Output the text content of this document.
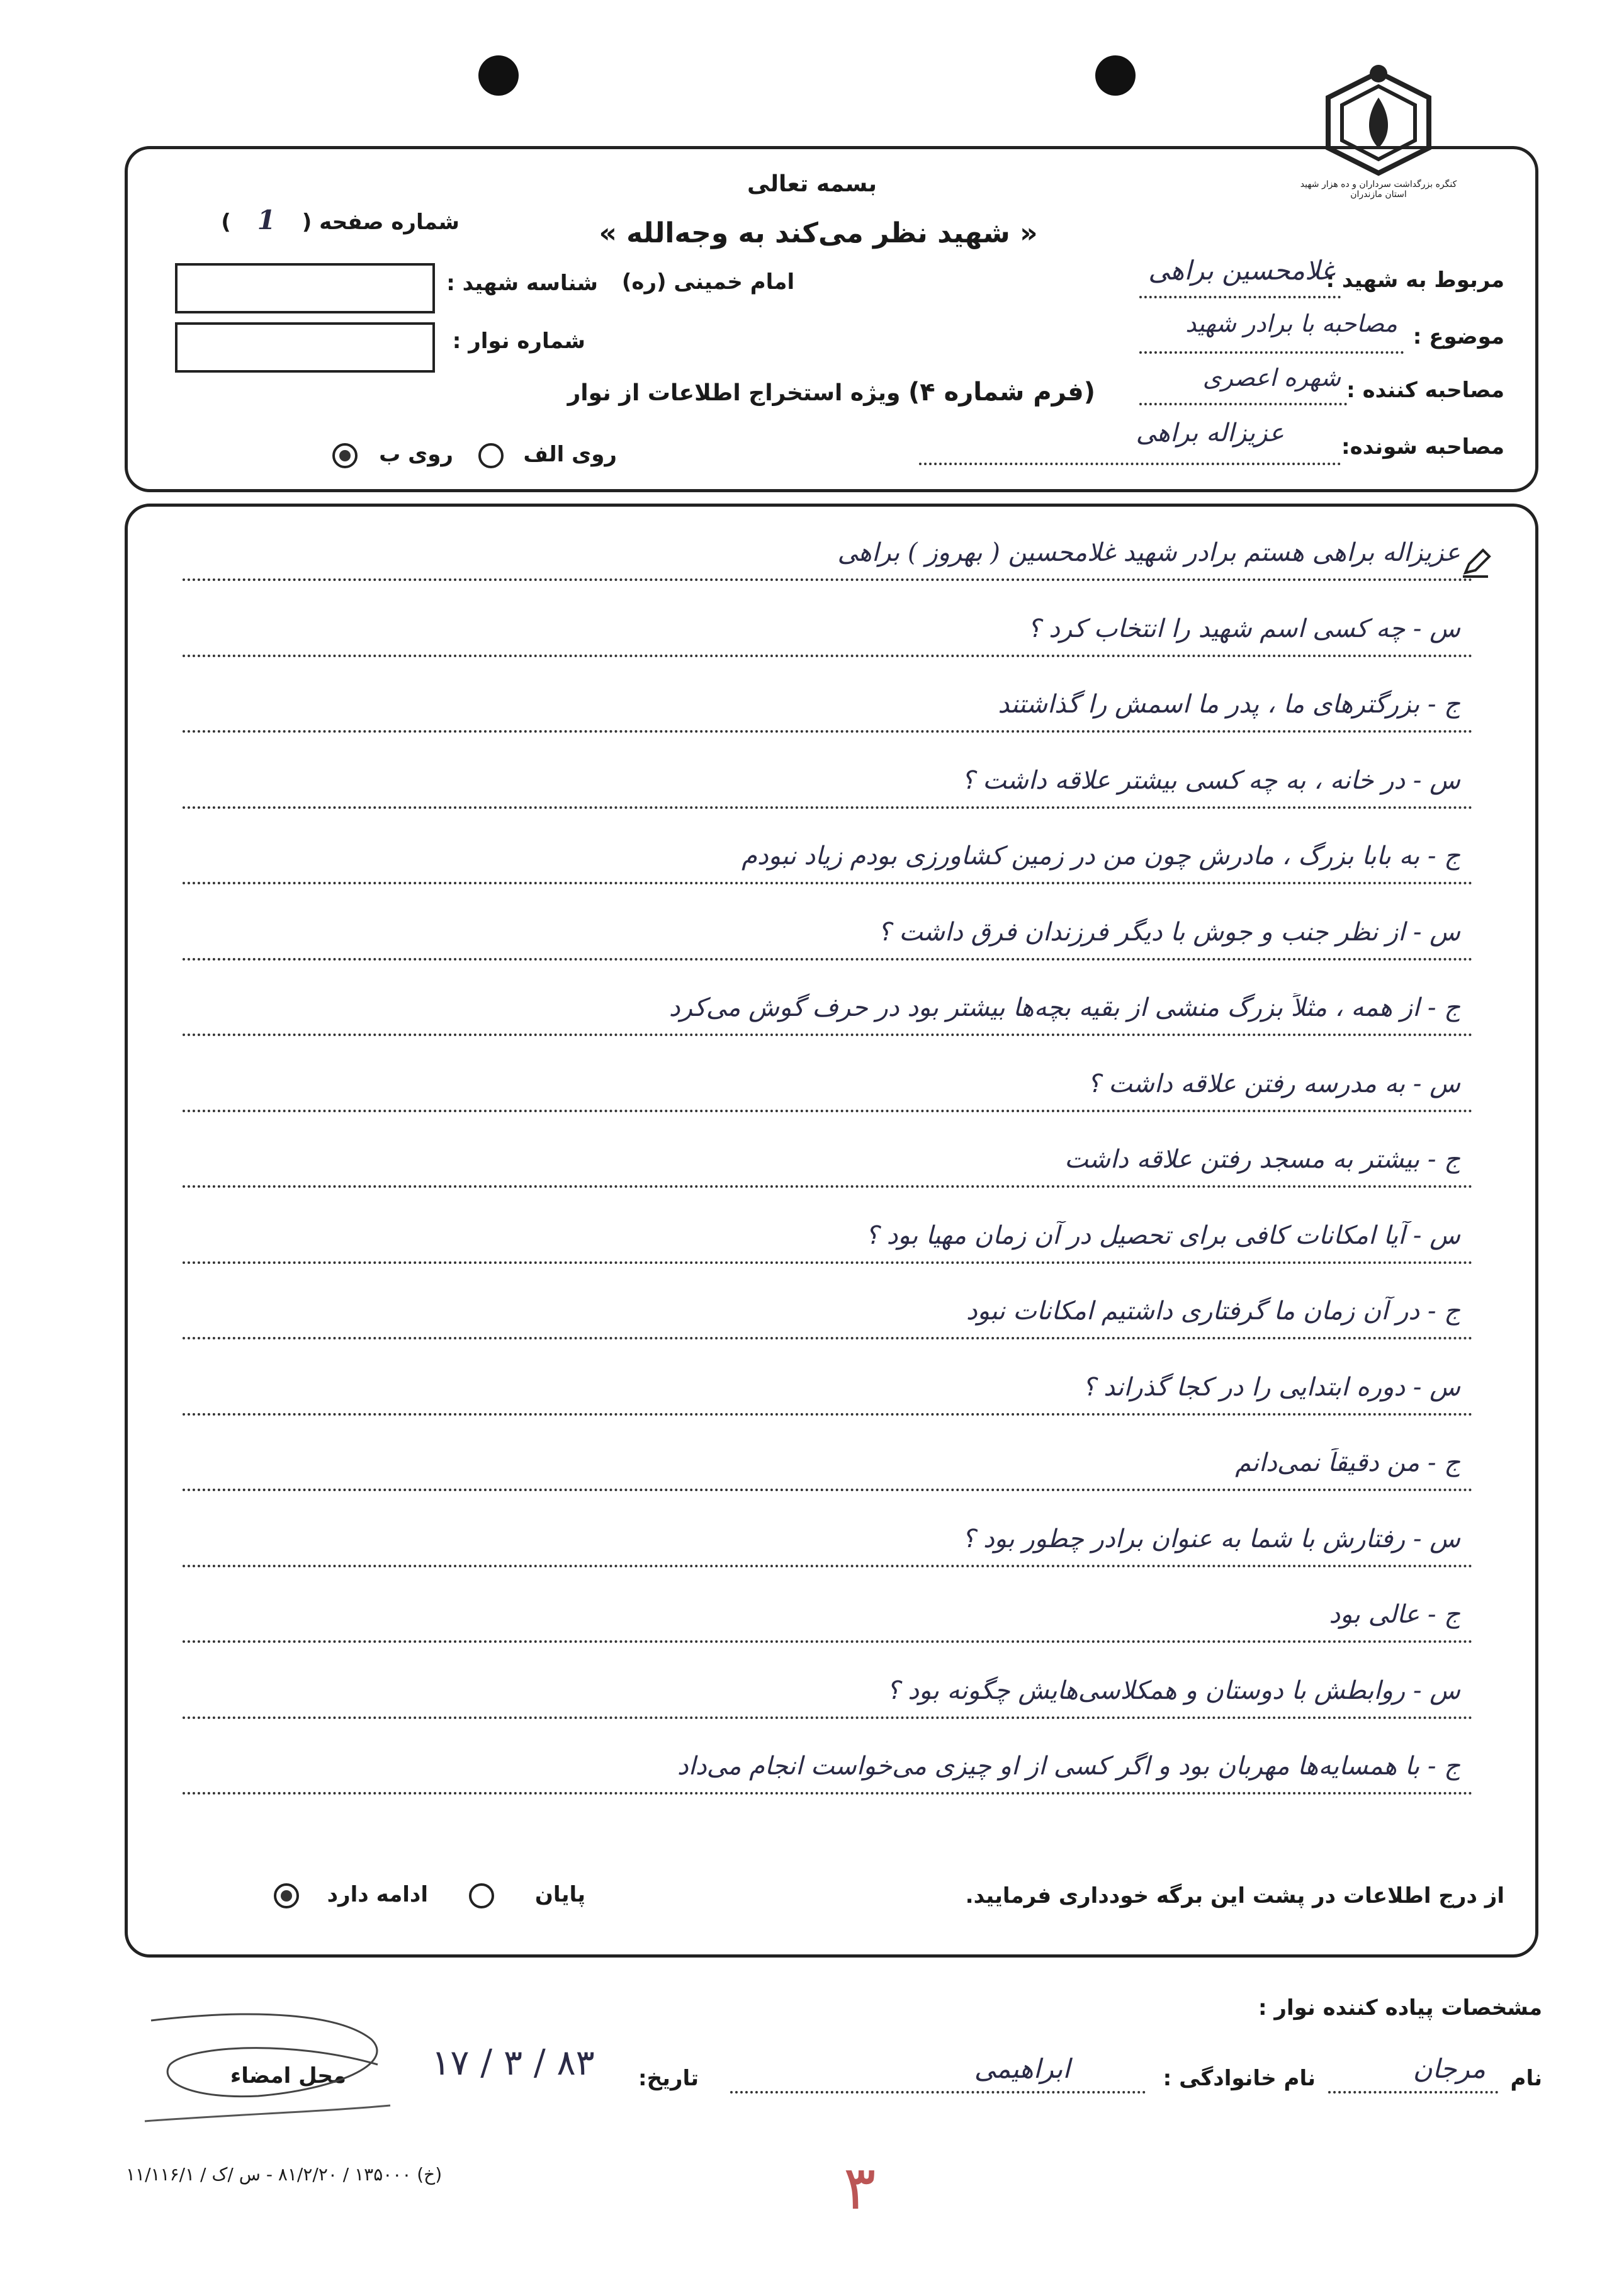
کنگره بزرگداشت سرداران و ده هزار شهید استان مازندران
بسمه تعالی
« شهید نظر می‌کند به وجه‌الله »
امام خمینی (ره)
شماره صفحه ( 1 )
شناسه شهید :
شماره نوار :
مربوط به شهید :
غلامحسین براهی
موضوع :
مصاحبه با برادر شهید
مصاحبه کننده :
شهره اعصری
مصاحبه شونده:
عزیزاله براهی
(فرم شماره ۴) ویژه استخراج اطلاعات از نوار
روی الف
روی ب
عزیزاله براهی هستم برادر شهید غلامحسین ( بهروز ) براهی
س - چه کسی اسم شهید را انتخاب کرد ؟
ج - بزرگترهای ما ، پدر ما اسمش را گذاشتند
س - در خانه ، به چه کسی بیشتر علاقه داشت ؟
ج - به بابا بزرگ ، مادرش چون من در زمین کشاورزی بودم زیاد نبودم
س - از نظر جنب و جوش با دیگر فرزندان فرق داشت ؟
ج - از همه ، مثلاً بزرگ منشی از بقیه بچه‌ها بیشتر بود در حرف گوش می‌کرد
س - به مدرسه رفتن علاقه داشت ؟
ج - بیشتر به مسجد رفتن علاقه داشت
س - آیا امکانات کافی برای تحصیل در آن زمان مهیا بود ؟
ج - در آن زمان ما گرفتاری داشتیم امکانات نبود
س - دوره ابتدایی را در کجا گذراند ؟
ج - من دقیقاً نمی‌دانم
س - رفتارش با شما به عنوان برادر چطور بود ؟
ج - عالی بود
س - روابطش با دوستان و همکلاسی‌هایش چگونه بود ؟
ج - با همسایه‌ها مهربان بود و اگر کسی از او چیزی می‌خواست انجام می‌داد
از درج اطلاعات در پشت این برگه خودداری فرمایید.
پایان
ادامه دارد
مشخصات پیاده کننده نوار :
نام
مرجان
نام خانوادگی :
ابراهیمی
تاریخ:
۸۳ / ۳ / ۱۷
محل امضاء
(خ) ۱۳۵۰۰۰ / ۸۱/۲/۲۰ - س /ک / ۱۱/۱۱۶/۱	۳
